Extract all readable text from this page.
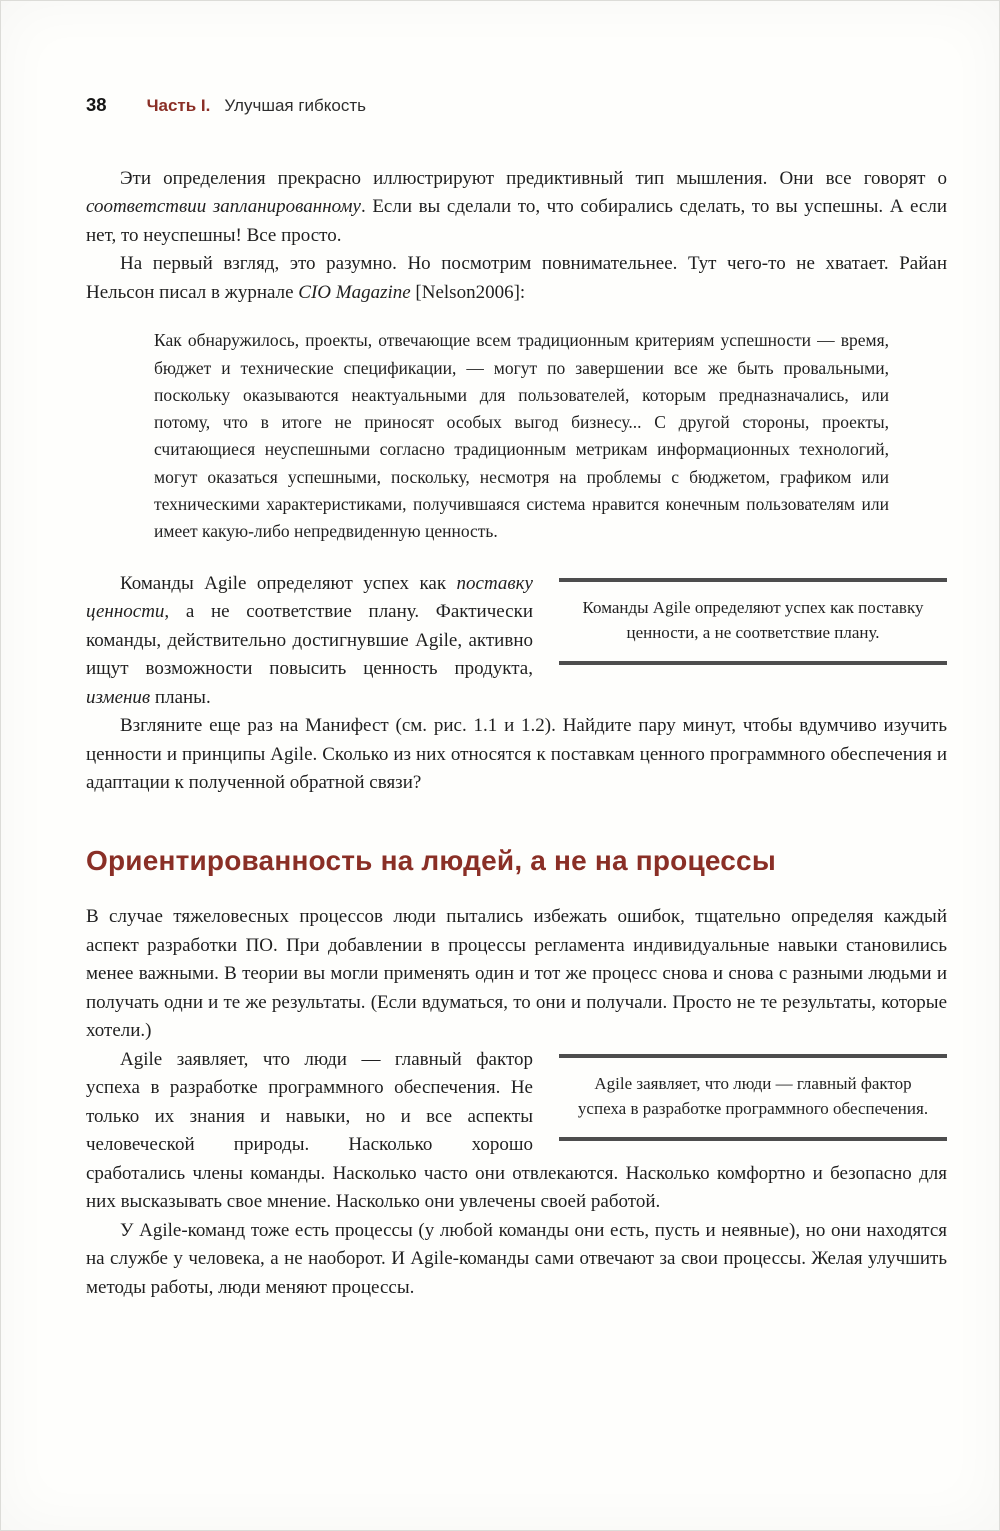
38 Часть I. Улучшая гибкость

Эти определения прекрасно иллюстрируют предиктивный тип мышления. Они все говорят о соответствии запланированному. Если вы сделали то, что собирались сделать, то вы успешны. А если нет, то неуспешны! Все просто.

На первый взгляд, это разумно. Но посмотрим повнимательнее. Тут чего-то не хватает. Райан Нельсон писал в журнале CIO Magazine [Nelson2006]:

Как обнаружилось, проекты, отвечающие всем традиционным критериям успешности — время, бюджет и технические спецификации, — могут по завершении все же быть провальными, поскольку оказываются неактуальными для пользователей, которым предназначались, или потому, что в итоге не приносят особых выгод бизнесу... С другой стороны, проекты, считающиеся неуспешными согласно традиционным метрикам информационных технологий, могут оказаться успешными, поскольку, несмотря на проблемы с бюджетом, графиком или техническими характеристиками, получившаяся система нравится конечным пользователям или имеет какую-либо непредвиденную ценность.
Команды Agile определяют успех как поставку ценности, а не соответствие плану.

Команды Agile определяют успех как поставку ценности, а не соответствие плану. Фактически команды, действительно достигнувшие Agile, активно ищут возможности повысить ценность продукта, изменив планы.

Взгляните еще раз на Манифест (см. рис. 1.1 и 1.2). Найдите пару минут, чтобы вдумчиво изучить ценности и принципы Agile. Сколько из них относятся к поставкам ценного программного обеспечения и адаптации к полученной обратной связи?

Ориентированность на людей, а не на процессы

В случае тяжеловесных процессов люди пытались избежать ошибок, тщательно определяя каждый аспект разработки ПО. При добавлении в процессы регламента индивидуальные навыки становились менее важными. В теории вы могли применять один и тот же процесс снова и снова с разными людьми и получать одни и те же результаты. (Если вдуматься, то они и получали. Просто не те результаты, которые хотели.)

Agile заявляет, что люди — главный фактор успеха в разработке программного обеспечения.

Agile заявляет, что люди — главный фактор успеха в разработке программного обеспечения. Не только их знания и навыки, но и все аспекты человеческой природы. Насколько хорошо сработались члены команды. Насколько часто они отвлекаются. Насколько комфортно и безопасно для них высказывать свое мнение. Насколько они увлечены своей работой.

У Agile-команд тоже есть процессы (у любой команды они есть, пусть и неявные), но они находятся на службе у человека, а не наоборот. И Agile-команды сами отвечают за свои процессы. Желая улучшить методы работы, люди меняют процессы.
